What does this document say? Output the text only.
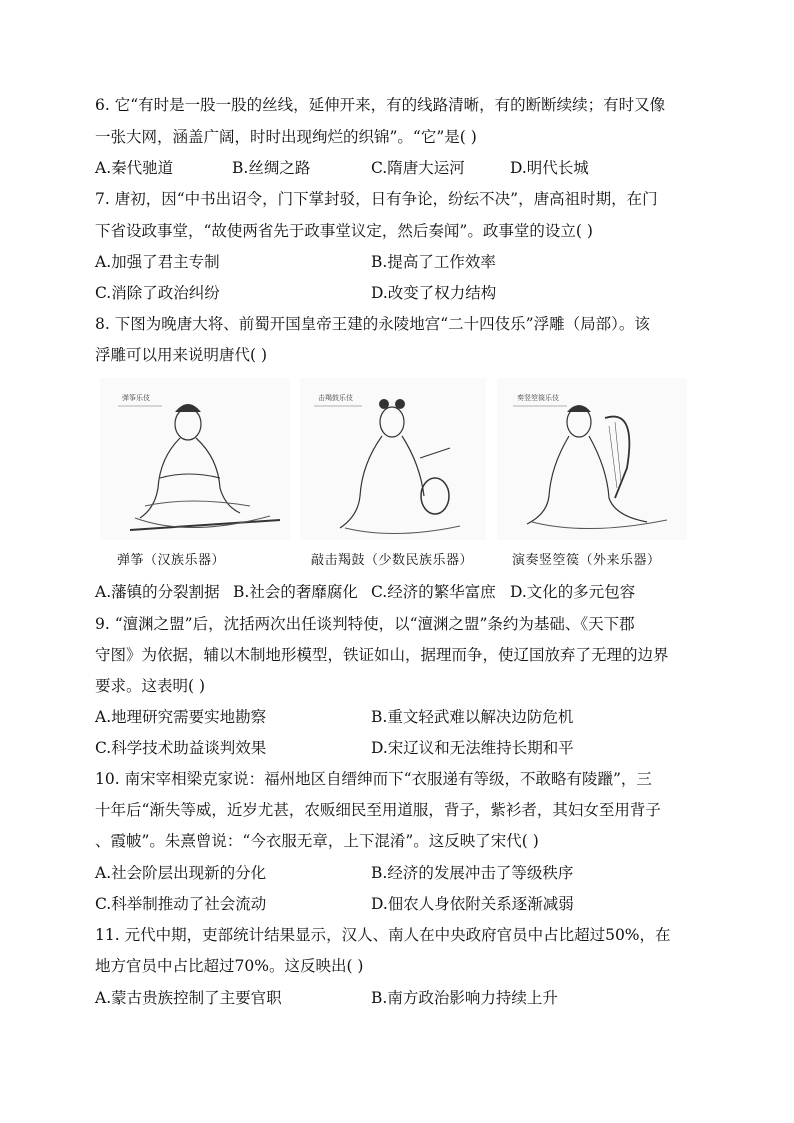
6. 它“有时是一股一股的丝线，延伸开来，有的线路清晰，有的断断续续；有时又像
一张大网，涵盖广阔，时时出现绚烂的织锦”。“它”是( )
A.秦代驰道	B.丝绸之路	C.隋唐大运河	D.明代长城
7. 唐初，因“中书出诏令，门下掌封驳，日有争论，纷纭不决”，唐高祖时期，在门
下省设政事堂，“故使两省先于政事堂议定，然后奏闻”。政事堂的设立( )
A.加强了君主专制	B.提高了工作效率
C.消除了政治纠纷	D.改变了权力结构
8. 下图为晚唐大将、前蜀开国皇帝王建的永陵地宫“二十四伎乐”浮雕（局部）。该
浮雕可以用来说明唐代( )
弹筝乐伎	击羯鼓乐伎	奏竖箜篌乐伎
弹筝（汉族乐器）	敲击羯鼓（少数民族乐器）	演奏竖箜篌（外来乐器）
A.藩镇的分裂割据 B.社会的奢靡腐化 C.经济的繁华富庶 D.文化的多元包容
9. “澶渊之盟”后，沈括两次出任谈判特使，以“澶渊之盟”条约为基础、《天下郡
守图》为依据，辅以木制地形模型，铁证如山，据理而争，使辽国放弃了无理的边界
要求。这表明( )
A.地理研究需要实地勘察	B.重文轻武难以解决边防危机
C.科学技术助益谈判效果	D.宋辽议和无法维持长期和平
10. 南宋宰相梁克家说：福州地区自缙绅而下“衣服递有等级，不敢略有陵躐”，三
十年后“渐失等威，近岁尤甚，农贩细民至用道服，背子，紫衫者，其妇女至用背子
、霞帔”。朱熹曾说：“今衣服无章，上下混淆”。这反映了宋代( )
A.社会阶层出现新的分化	B.经济的发展冲击了等级秩序
C.科举制推动了社会流动	D.佃农人身依附关系逐渐减弱
11. 元代中期，吏部统计结果显示，汉人、南人在中央政府官员中占比超过50%，在
地方官员中占比超过70%。这反映出( )
A.蒙古贵族控制了主要官职	B.南方政治影响力持续上升
